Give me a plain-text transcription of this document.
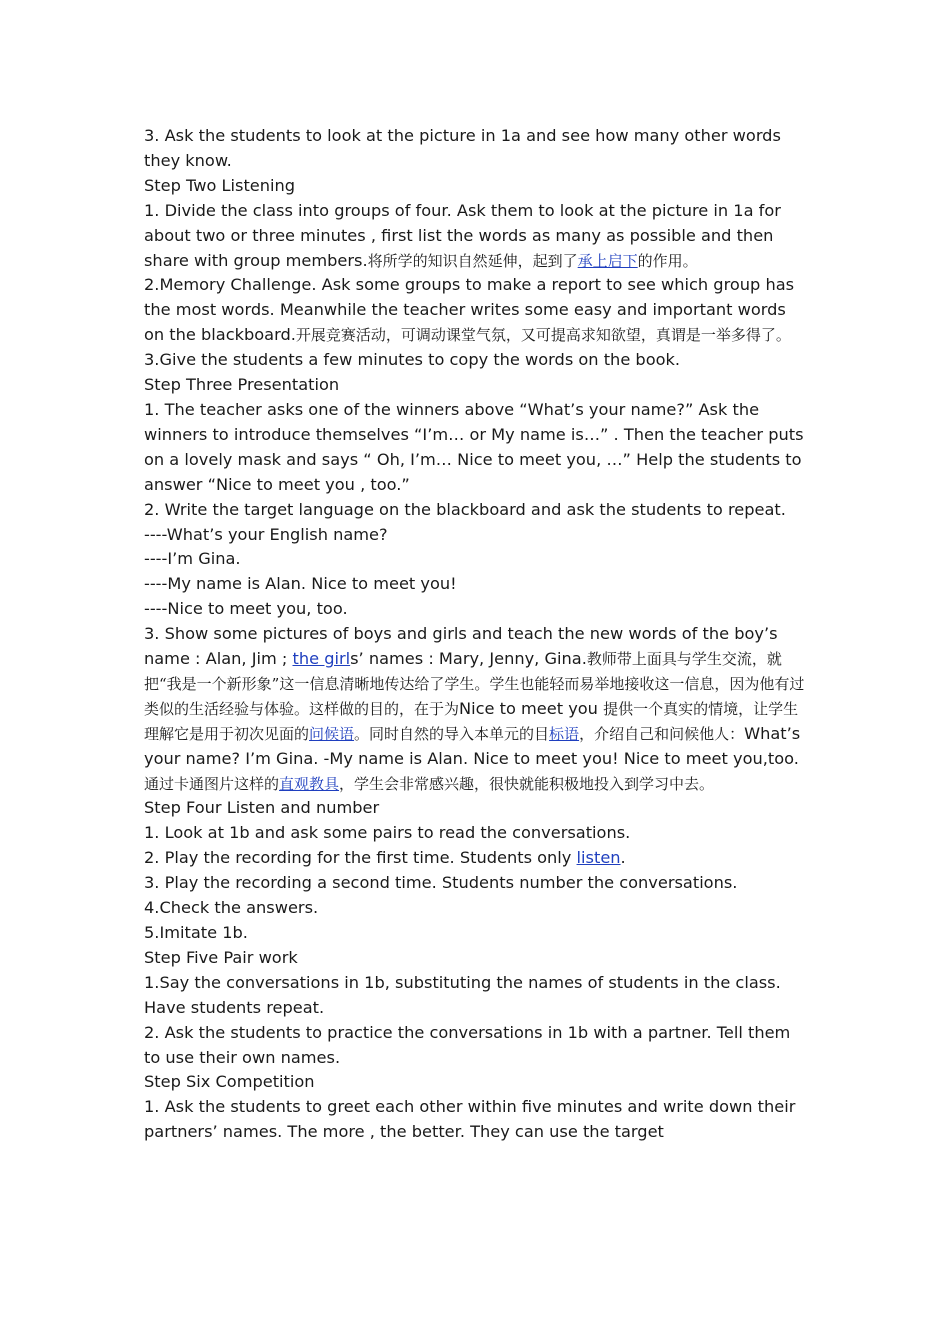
3. Ask the students to look at the picture in 1a and see how many other words they know.

Step Two Listening

1. Divide the class into groups of four. Ask them to look at the picture in 1a for about two or three minutes , first list the words as many as possible and then share with group members.将所学的知识自然延伸，起到了承上启下的作用。

2.Memory Challenge. Ask some groups to make a report to see which group has the most words. Meanwhile the teacher writes some easy and important words on the blackboard.开展竞赛活动，可调动课堂气氛，又可提高求知欲望，真谓是一举多得了。

3.Give the students a few minutes to copy the words on the book.

Step Three Presentation

1. The teacher asks one of the winners above “What’s your name?” Ask the winners to introduce themselves “I’m… or My name is…” . Then the teacher puts on a lovely mask and says “ Oh, I’m… Nice to meet you, …” Help the students to answer “Nice to meet you , too.”

2. Write the target language on the blackboard and ask the students to repeat.

----What’s your English name?

----I’m Gina.

----My name is Alan. Nice to meet you!

----Nice to meet you, too.

3. Show some pictures of boys and girls and teach the new words of the boy’s name : Alan, Jim ; the girls’ names : Mary, Jenny, Gina.教师带上面具与学生交流，就把“我是一个新形象”这一信息清晰地传达给了学生。学生也能轻而易举地接收这一信息，因为他有过类似的生活经验与体验。这样做的目的，在于为Nice to meet you 提供一个真实的情境，让学生理解它是用于初次见面的问候语。同时自然的导入本单元的目标语，介绍自己和问候他人：What’s your name? I’m Gina. -My name is Alan. Nice to meet you! Nice to meet you,too.通过卡通图片这样的直观教具，学生会非常感兴趣，很快就能积极地投入到学习中去。

Step Four Listen and number

1. Look at 1b and ask some pairs to read the conversations.

2. Play the recording for the first time. Students only listen.

3. Play the recording a second time. Students number the conversations.

4.Check the answers.

5.Imitate 1b.

Step Five Pair work

1.Say the conversations in 1b, substituting the names of students in the class. Have students repeat.

2. Ask the students to practice the conversations in 1b with a partner. Tell them to use their own names.

Step Six Competition

1. Ask the students to greet each other within five minutes and write down their partners’ names. The more , the better. They can use the target
